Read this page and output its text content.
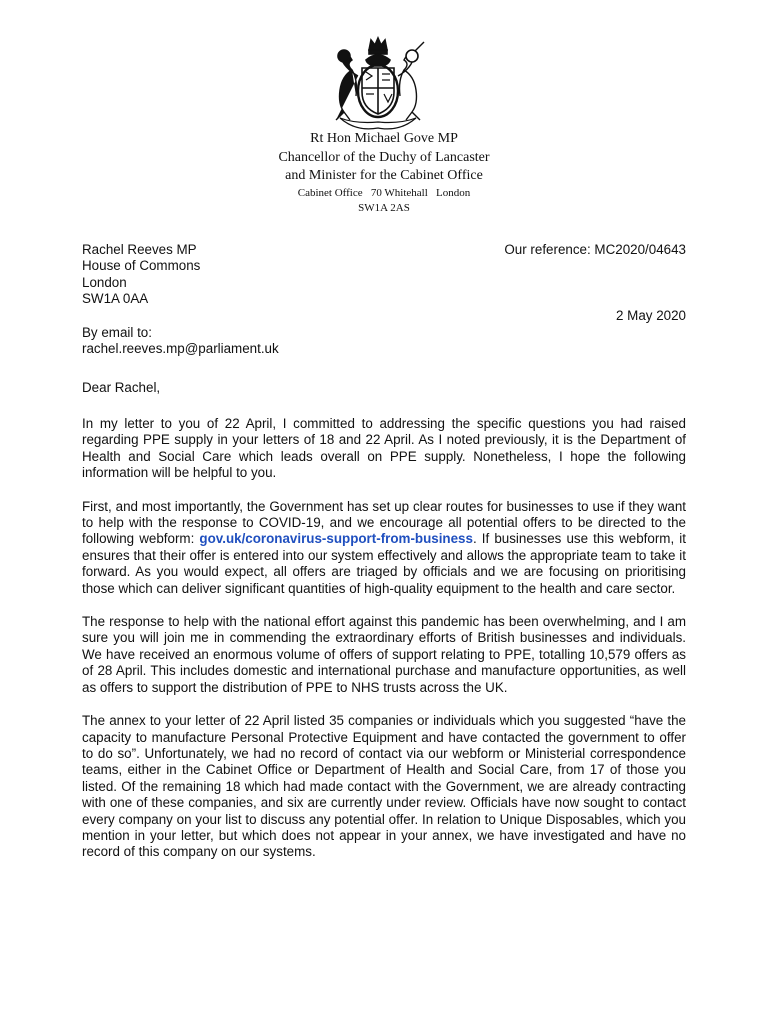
Rt Hon Michael Gove MP
Chancellor of the Duchy of Lancaster
and Minister for the Cabinet Office
Cabinet Office   70 Whitehall   London
SW1A 2AS
Rachel Reeves MP
House of Commons
London
SW1A 0AA
Our reference: MC2020/04643
2 May 2020
By email to:
rachel.reeves.mp@parliament.uk
Dear Rachel,

In my letter to you of 22 April, I committed to addressing the specific questions you had raised regarding PPE supply in your letters of 18 and 22 April. As I noted previously, it is the Department of Health and Social Care which leads overall on PPE supply. Nonetheless, I hope the following information will be helpful to you.

First, and most importantly, the Government has set up clear routes for businesses to use if they want to help with the response to COVID-19, and we encourage all potential offers to be directed to the following webform: gov.uk/coronavirus-support-from-business. If businesses use this webform, it ensures that their offer is entered into our system effectively and allows the appropriate team to take it forward. As you would expect, all offers are triaged by officials and we are focusing on prioritising those which can deliver significant quantities of high-quality equipment to the health and care sector.

The response to help with the national effort against this pandemic has been overwhelming, and I am sure you will join me in commending the extraordinary efforts of British businesses and individuals. We have received an enormous volume of offers of support relating to PPE, totalling 10,579 offers as of 28 April. This includes domestic and international purchase and manufacture opportunities, as well as offers to support the distribution of PPE to NHS trusts across the UK.

The annex to your letter of 22 April listed 35 companies or individuals which you suggested “have the capacity to manufacture Personal Protective Equipment and have contacted the government to offer to do so”. Unfortunately, we had no record of contact via our webform or Ministerial correspondence teams, either in the Cabinet Office or Department of Health and Social Care, from 17 of those you listed. Of the remaining 18 which had made contact with the Government, we are already contracting with one of these companies, and six are currently under review. Officials have now sought to contact every company on your list to discuss any potential offer. In relation to Unique Disposables, which you mention in your letter, but which does not appear in your annex, we have investigated and have no record of this company on our systems.
